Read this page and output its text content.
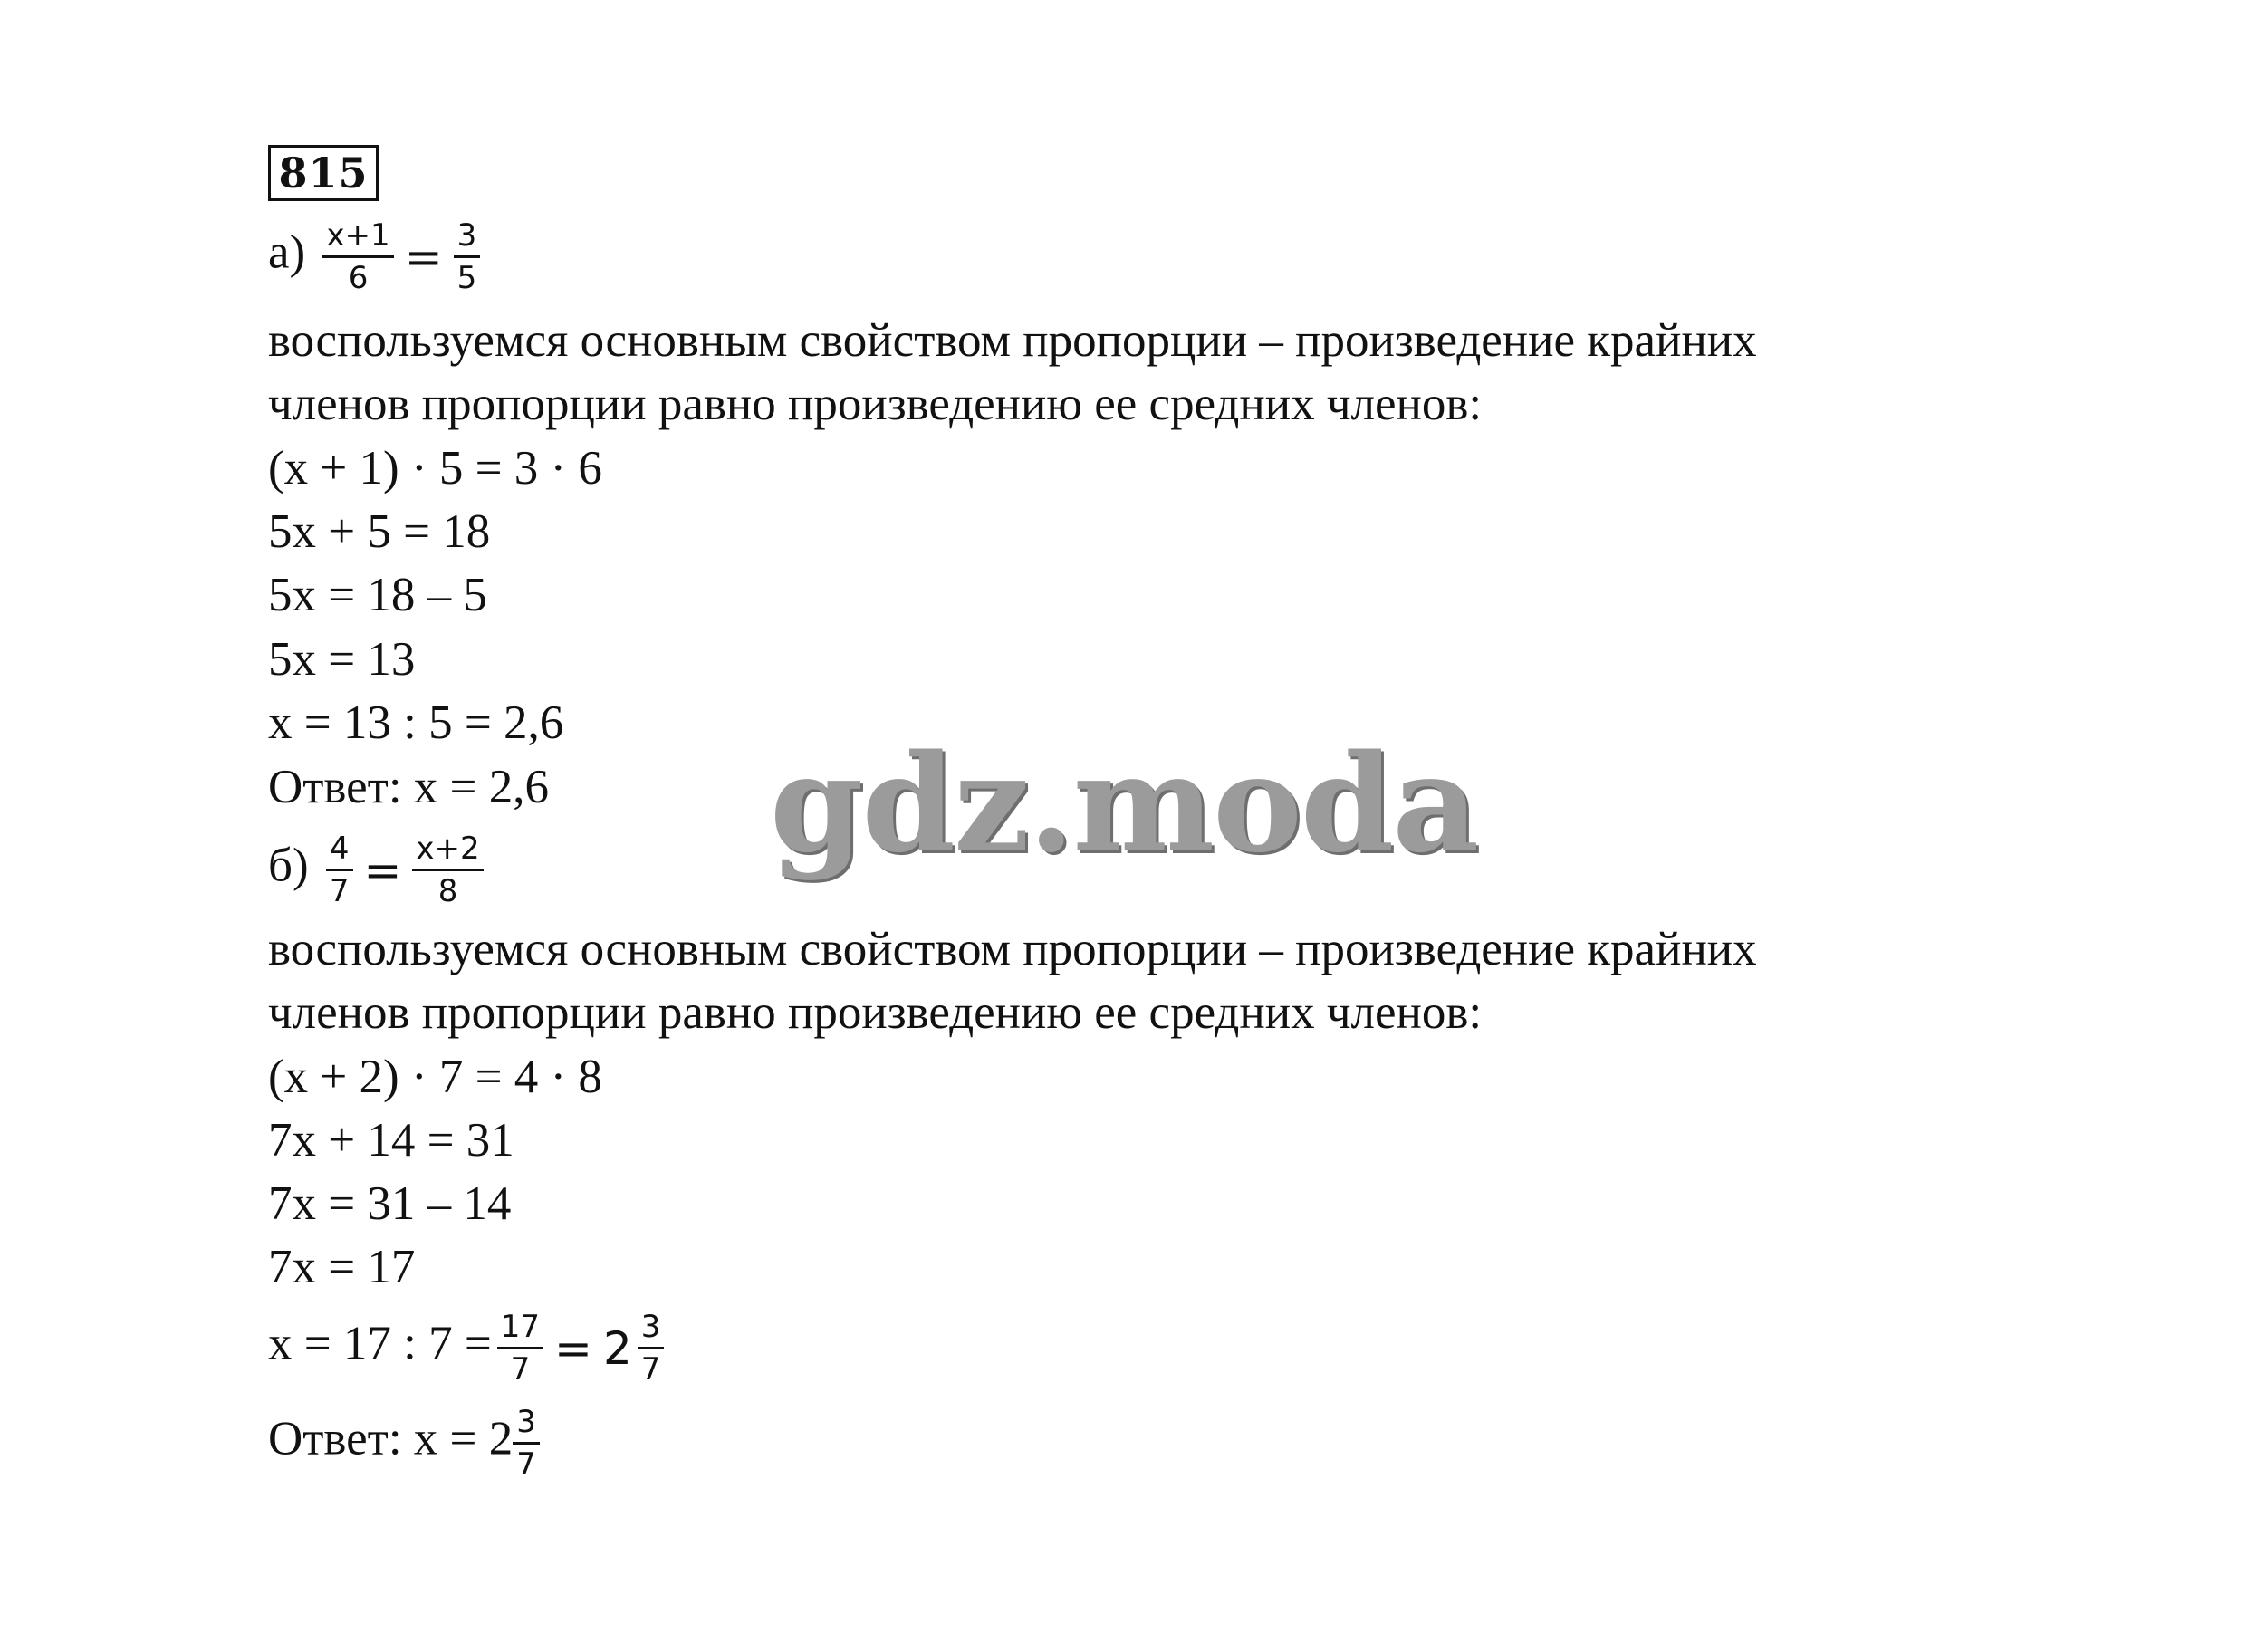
815
$а) \frac{x+1}{6} = \frac{3}{5}$
воспользуемся основным свойством пропорции – произведение крайних
членов пропорции равно произведению ее средних членов:
(x + 1) · 5 = 3 · 6
5x + 5 = 18
5x = 18 – 5
5x = 13
x = 13 : 5 = 2,6
Ответ: x = 2,6
$б) \frac{4}{7} = \frac{x+2}{8}$
воспользуемся основным свойством пропорции – произведение крайних
членов пропорции равно произведению ее средних членов:
(x + 2) · 7 = 4 · 8
7x + 14 = 31
7x = 31 – 14
7x = 17
x = 17 : $7 = \frac{17}{7} = 2 \frac{3}{7}$
Ответ: $x = 2 \frac{3}{7}$
gdz.moda
